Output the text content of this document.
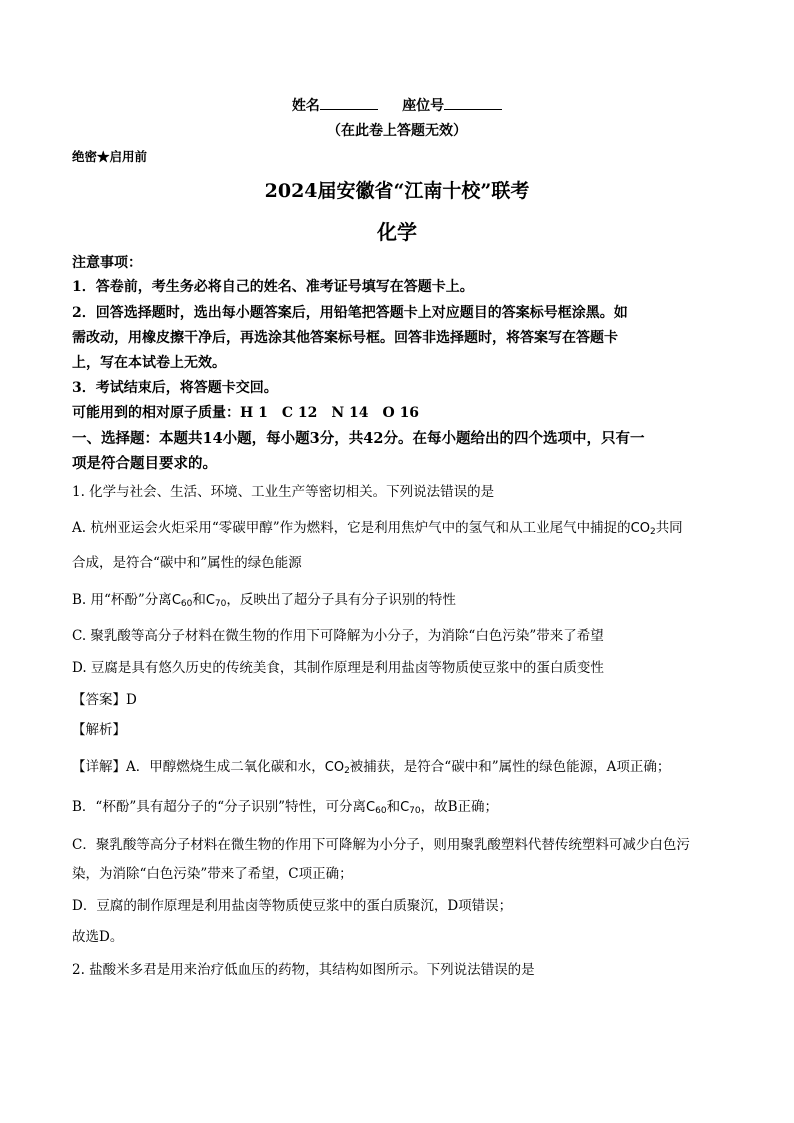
姓名	座位号
（在此卷上答题无效）
绝密★启用前
2024届安徽省“江南十校”联考
化学
注意事项：
1．答卷前，考生务必将自己的姓名、准考证号填写在答题卡上。
2．回答选择题时，选出每小题答案后，用铅笔把答题卡上对应题目的答案标号框涂黑。如
需改动，用橡皮擦干净后，再选涂其他答案标号框。回答非选择题时，将答案写在答题卡
上，写在本试卷上无效。
3．考试结束后，将答题卡交回。
可能用到的相对原子质量：H 1　C 12　N 14　O 16
一、选择题：本题共14小题，每小题3分，共42分。在每小题给出的四个选项中，只有一
项是符合题目要求的。
1. 化学与社会、生活、环境、工业生产等密切相关。下列说法错误的是
A. 杭州亚运会火炬采用“零碳甲醇”作为燃料，它是利用焦炉气中的氢气和从工业尾气中捕捉的$CO_2$共同
合成，是符合“碳中和”属性的绿色能源
B. 用“杯酚”分离$C_{60}$和$C_{70}$，反映出了超分子具有分子识别的特性
C. 聚乳酸等高分子材料在微生物的作用下可降解为小分子，为消除“白色污染”带来了希望
D. 豆腐是具有悠久历史的传统美食，其制作原理是利用盐卤等物质使豆浆中的蛋白质变性
【答案】D
【解析】
【详解】A．甲醇燃烧生成二氧化碳和水，$CO_2$被捕获，是符合“碳中和”属性的绿色能源，A项正确；
B．“杯酚”具有超分子的“分子识别”特性，可分离$C_{60}$和$C_{70}$，故B正确；
C．聚乳酸等高分子材料在微生物的作用下可降解为小分子，则用聚乳酸塑料代替传统塑料可减少白色污
染，为消除“白色污染”带来了希望，C项正确；
D．豆腐的制作原理是利用盐卤等物质使豆浆中的蛋白质聚沉，D项错误；
故选D。
2. 盐酸米多君是用来治疗低血压的药物，其结构如图所示。下列说法错误的是
